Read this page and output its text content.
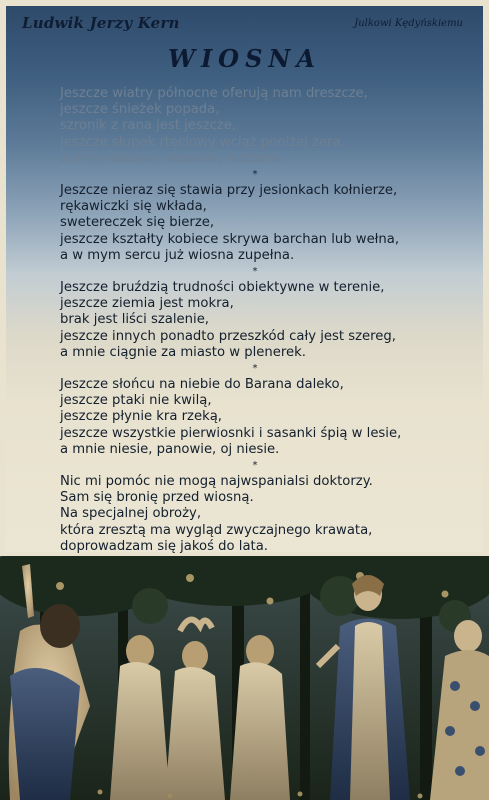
Ludwik Jerzy Kern	Julkowi Kędyńskiemu
WIOSNA
Jeszcze wiatry północne oferują nam dreszcze,
jeszcze śnieżek popada,
szronik z rana jest jeszcze,
jeszcze słupek rtęciowy wciąż poniżej zera,
a mnie wiosna, rozbiera, rozbiera.
*
Jeszcze nieraz się stawia przy jesionkach kołnierze,
rękawiczki się wkłada,
swetereczek się bierze,
jeszcze kształty kobiece skrywa barchan lub wełna,
a w mym sercu już wiosna zupełna.
*
Jeszcze bruździą trudności obiektywne w terenie,
jeszcze ziemia jest mokra,
brak jest liści szalenie,
jeszcze innych ponadto przeszkód cały jest szereg,
a mnie ciągnie za miasto w plenerek.
*
Jeszcze słońcu na niebie do Barana daleko,
jeszcze ptaki nie kwilą,
jeszcze płynie kra rzeką,
jeszcze wszystkie pierwiosnki i sasanki śpią w lesie,
a mnie niesie, panowie, oj niesie.
*
Nic mi pomóc nie mogą najwspanialsi doktorzy.
Sam się bronię przed wiosną.
Na specjalnej obroży,
która zresztą ma wygląd zwyczajnego krawata,
doprowadzam się jakoś do lata.
